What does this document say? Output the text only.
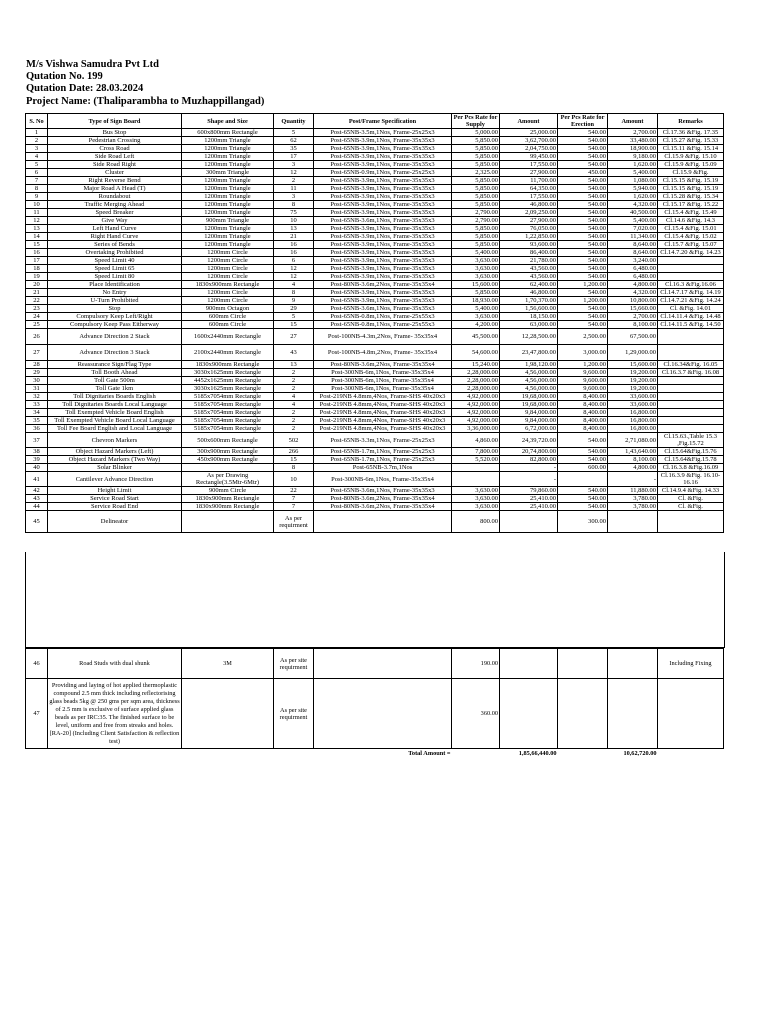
M/s Vishwa Samudra Pvt Ltd
Qutation No. 199
Qutation Date: 28.03.2024
Project Name: (Thaliparambha to Muzhappillangad)
S. No	Type of Sign Board	Shape and Size	Quantity	Post/Frame Specification	Per Pcs Rate for Supply	Amount	Per Pcs Rate for Erection	Amount	Remarks
1	Bus Stop	600x800mm Rectangle	5	Post-65NB-3.5m,1Nos, Frame-25x25x3	5,000.00	25,000.00	540.00	2,700.00	Cl.17.36 &Fig. 17.35
2	Pedestrian Crossing	1200mm Triangle	62	Post-65NB-3.9m,1Nos, Frame-35x35x3	5,850.00	3,62,700.00	540.00	33,480.00	Cl.15.27 &Fig. 15.33
3	Cross Road	1200mm Triangle	35	Post-65NB-3.9m,1Nos, Frame-35x35x3	5,850.00	2,04,750.00	540.00	18,900.00	Cl.15.11 &Fig. 15.14
4	Side Road Left	1200mm Triangle	17	Post-65NB-3.9m,1Nos, Frame-35x35x3	5,850.00	99,450.00	540.00	9,180.00	Cl.15.9 &Fig. 15.10
5	Side Road Right	1200mm Triangle	3	Post-65NB-3.9m,1Nos, Frame-35x35x3	5,850.00	17,550.00	540.00	1,620.00	Cl.15.9 &Fig. 15.09
6	Cluster	300mm Triangle	12	Post-65NB-0.9m,1Nos, Frame-25x25x3	2,325.00	27,900.00	450.00	5,400.00	Cl.15.9 &Fig.
7	Right Reverse Bend	1200mm Triangle	2	Post-65NB-3.9m,1Nos, Frame-35x35x3	5,850.00	11,700.00	540.00	1,080.00	Cl.15.15 &Fig. 15.19
8	Major Road A Head (T)	1200mm Triangle	11	Post-65NB-3.9m,1Nos, Frame-35x35x3	5,850.00	64,350.00	540.00	5,940.00	Cl.15.15 &Fig. 15.19
9	Roundabout	1200mm Triangle	3	Post-65NB-3.9m,1Nos, Frame-35x35x3	5,850.00	17,550.00	540.00	1,620.00	Cl.15.28 &Fig. 15.34
10	Traffic Merging Ahead	1200mm Triangle	8	Post-65NB-3.9m,1Nos, Frame-35x35x3	5,850.00	46,800.00	540.00	4,320.00	Cl.15.17 &Fig. 15.22
11	Speed Breaker	1200mm Triangle	75	Post-65NB-3.9m,1Nos, Frame-35x35x3	2,790.00	2,09,250.00	540.00	40,500.00	Cl.15.4 &Fig. 15.49
12	Give Way	900mm Triangle	10	Post-65NB-3.6m,1Nos, Frame-35x35x3	2,790.00	27,900.00	540.00	5,400.00	Cl.14.6 &Fig. 14.3
13	Left Hand Curve	1200mm Triangle	13	Post-65NB-3.9m,1Nos, Frame-35x35x3	5,850.00	76,050.00	540.00	7,020.00	Cl.15.4 &Fig. 15.01
14	Right Hand Curve	1200mm Triangle	21	Post-65NB-3.9m,1Nos, Frame-35x35x3	5,850.00	1,22,850.00	540.00	11,340.00	Cl.15.4 &Fig. 15.02
15	Series of Bends	1200mm Triangle	16	Post-65NB-3.9m,1Nos, Frame-35x35x3	5,850.00	93,600.00	540.00	8,640.00	Cl.15.7 &Fig. 15.07
16	Overtaking Prohibited	1200mm Circle	16	Post-65NB-3.9m,1Nos, Frame-35x35x3	5,400.00	86,400.00	540.00	8,640.00	Cl.14.7.20 &Fig. 14.23
17	Speed Limit 40	1200mm Circle	6	Post-65NB-3.9m,1Nos, Frame-35x35x3	3,630.00	21,780.00	540.00	3,240.00	
18	Speed Limit 65	1200mm Circle	12	Post-65NB-3.9m,1Nos, Frame-35x35x3	3,630.00	43,560.00	540.00	6,480.00	
19	Speed Limit 80	1200mm Circle	12	Post-65NB-3.9m,1Nos, Frame-35x35x3	3,630.00	43,560.00	540.00	6,480.00	
20	Place Identification	1830x900mm Rectangle	4	Post-80NB-3.6m,2Nos, Frame-35x35x4	15,600.00	62,400.00	1,200.00	4,800.00	Cl.16.3 &Fig.16.06
21	No Entry	1200mm Circle	8	Post-65NB-3.9m,1Nos, Frame-35x35x3	5,850.00	46,800.00	540.00	4,320.00	Cl.14.7.17 &Fig. 14.19
22	U-Turn Prohibited	1200mm Circle	9	Post-65NB-3.9m,1Nos, Frame-35x35x3	18,930.00	1,70,370.00	1,200.00	10,800.00	Cl.14.7.21 &Fig. 14.24
23	Stop	900mm Octagon	29	Post-65NB-3.6m,1Nos, Frame-35x35x3	5,400.00	1,56,600.00	540.00	15,660.00	Cl. &Fig. 14.01
24	Compulsory Keep Left/Right	600mm Circle	5	Post-65NB-0.8m,1Nos, Frame-25x55x3	3,630.00	18,150.00	540.00	2,700.00	Cl.14.11.4 &Fig. 14.48
25	Compulsory Keep Pass Eitherway	600mm Circle	15	Post-65NB-0.8m,1Nos, Frame-25x55x3	4,200.00	63,000.00	540.00	8,100.00	Cl.14.11.5 &Fig. 14.50
26	Advance Direction 2 Stack	1600x2440mm Rectangle	27	Post-100NB-4.3m,2Nos, Frame- 35x35x4	45,500.00	12,28,500.00	2,500.00	67,500.00	
27	Advance Direction 3 Stack	2100x2440mm Rectangle	43	Post-100NB-4.8m,2Nos, Frame- 35x35x4	54,600.00	23,47,800.00	3,000.00	1,29,000.00	
28	Reassurance Sign/Flag Type	1830x900mm Rectangle	13	Post-80NB-3.6m,2Nos, Frame-35x35x4	15,240.00	1,98,120.00	1,200.00	15,600.00	Cl.16.34&Fig. 16.05
29	Toll Booth Ahead	3030x1625mm Rectangle	2	Post-300NB-6m,1Nos, Frame-35x35x4	2,28,000.00	4,56,000.00	9,600.00	19,200.00	Cl.16.3.7 &Fig. 16.08
30	Toll Gate 500m	4452x1625mm Rectangle	2	Post-300NB-6m,1Nos, Frame-35x35x4	2,28,000.00	4,56,000.00	9,600.00	19,200.00	
31	Toll Gate 1km	3030x1625mm Rectangle	2	Post-300NB-6m,1Nos, Frame-35x35x4	2,28,000.00	4,56,000.00	9,600.00	19,200.00	
32	Toll Dignitaries Boards English	5185x7054mm Rectangle	4	Post-219NB 4.8mm,4Nos, Frame-SHS 40x20x3	4,92,000.00	19,68,000.00	8,400.00	33,600.00	
33	Toll Dignitaries Boards Local Language	5185x7054mm Rectangle	4	Post-219NB 4.8mm,4Nos, Frame-SHS 40x20x3	4,92,000.00	19,68,000.00	8,400.00	33,600.00	
34	Toll Exempted Vehicle Board English	5185x7054mm Rectangle	2	Post-219NB 4.8mm,4Nos, Frame-SHS 40x20x3	4,92,000.00	9,84,000.00	8,400.00	16,800.00	
35	Toll Exempted Vehicle Board Local Language	5185x7054mm Rectangle	2	Post-219NB 4.8mm,4Nos, Frame-SHS 40x20x3	4,92,000.00	9,84,000.00	8,400.00	16,800.00	
36	Toll Fee Board English and Local Language	5185x7054mm Rectangle	2	Post-219NB 4.8mm,4Nos, Frame-SHS 40x20x3	3,36,000.00	6,72,000.00	8,400.00	16,800.00	
37	Chevron Markers	500x600mm Rectangle	502	Post-65NB-3.3m,1Nos, Frame-25x25x3	4,860.00	24,39,720.00	540.00	2,71,080.00	Cl.15.63.,Table 15.3 ,Fig.15.72
38	Object Hazard Markers (Left)	300x900mm Rectangle	266	Post-65NB-1.7m,1Nos, Frame-25x25x3	7,800.00	20,74,800.00	540.00	1,43,640.00	Cl.15.64&Fig.15.76
39	Object Hazard Markers (Two Way)	450x900mm Rectangle	15	Post-65NB-1.7m,1Nos, Frame-25x25x3	5,520.00	82,800.00	540.00	8,100.00	Cl.15.64&Fig.15.78
40	Solar Blinker		8	Post-65NB-3.7m,1Nos		-	600.00	4,800.00	Cl.16.3.8 &Fig.16.09
41	Cantilever Advance Direction	As per Drawing Rectangle(3.5Mtr-6Mtr)	10	Post-300NB-6m,1Nos, Frame-35x35x4		-		-	Cl.16.3.9 &Fig. 16.10-16.16
42	Height Limit	900mm Circle	22	Post-65NB-3.6m,1Nos, Frame-35x35x3	3,630.00	79,860.00	540.00	11,880.00	Cl.14.9.4 &Fig. 14.33
43	Service Road Start	1830x900mm Rectangle	7	Post-80NB-3.6m,2Nos, Frame-35x35x4	3,630.00	25,410.00	540.00	3,780.00	Cl. &Fig.
44	Service Road End	1830x900mm Rectangle	7	Post-80NB-3.6m,2Nos, Frame-35x35x4	3,630.00	25,410.00	540.00	3,780.00	Cl. &Fig.
45	Delineator		As per requirment		800.00		300.00		
46	Road Studs with dual shunk	3M	As per site requirment		190.00				Including Fixing
47	Providing and laying of hot applied thermoplastic compound 2.5 mm thick including reflectorising glass beads 5kg @ 250 gms per sqm area, thickness of 2.5 mm is exclusive of surface applied glass beads as per IRC:35. The finished surface to be level, uniform and free from streaks and holes. [RA-20] (Including Client Satisfaction & reflection test)		As per site requirment		360.00				
Total Amount =						1,85,66,440.00		10,62,720.00	
